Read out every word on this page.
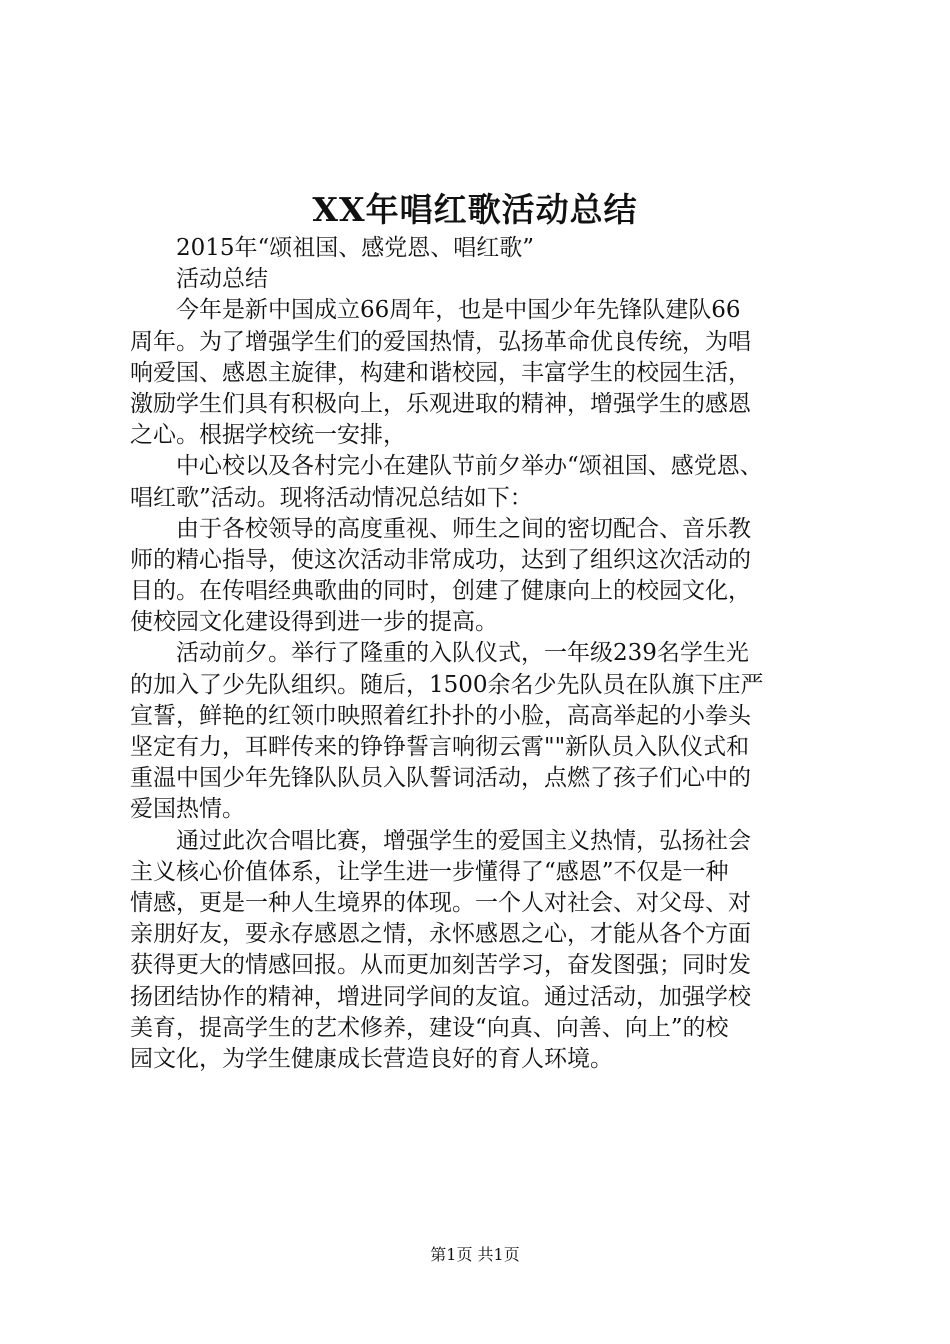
XX年唱红歌活动总结
2015年“颂祖国、感党恩、唱红歌”
活动总结
今年是新中国成立66周年，也是中国少年先锋队建队66
周年。为了增强学生们的爱国热情，弘扬革命优良传统，为唱
响爱国、感恩主旋律，构建和谐校园，丰富学生的校园生活，
激励学生们具有积极向上，乐观进取的精神，增强学生的感恩
之心。根据学校统一安排，
中心校以及各村完小在建队节前夕举办“颂祖国、感党恩、
唱红歌”活动。现将活动情况总结如下：
由于各校领导的高度重视、师生之间的密切配合、音乐教
师的精心指导，使这次活动非常成功，达到了组织这次活动的
目的。在传唱经典歌曲的同时，创建了健康向上的校园文化，
使校园文化建设得到进一步的提高。
活动前夕。举行了隆重的入队仪式，一年级239名学生光
的加入了少先队组织。随后，1500余名少先队员在队旗下庄严
宣誓，鲜艳的红领巾映照着红扑扑的小脸，高高举起的小拳头
坚定有力，耳畔传来的铮铮誓言响彻云霄""新队员入队仪式和
重温中国少年先锋队队员入队誓词活动，点燃了孩子们心中的
爱国热情。
通过此次合唱比赛，增强学生的爱国主义热情，弘扬社会
主义核心价值体系，让学生进一步懂得了“感恩”不仅是一种
情感，更是一种人生境界的体现。一个人对社会、对父母、对
亲朋好友，要永存感恩之情，永怀感恩之心，才能从各个方面
获得更大的情感回报。从而更加刻苦学习，奋发图强；同时发
扬团结协作的精神，增进同学间的友谊。通过活动，加强学校
美育，提高学生的艺术修养，建设“向真、向善、向上”的校
园文化，为学生健康成长营造良好的育人环境。
第1页 共1页
